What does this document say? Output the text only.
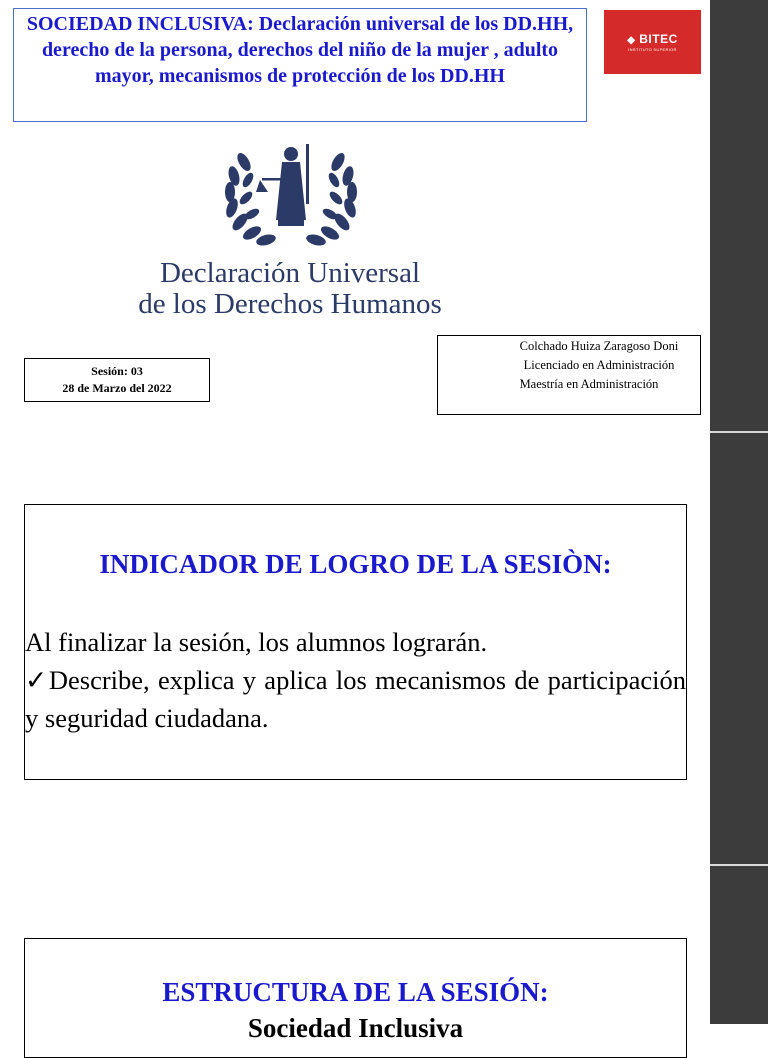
SOCIEDAD INCLUSIVA: Declaración universal de los DD.HH, derecho de la persona, derechos del niño de la mujer , adulto mayor, mecanismos de protección de los DD.HH
◆ BITEC
INSTITUTO SUPERIOR
Declaración Universal
de los Derechos Humanos
Sesión: 03
28 de Marzo del 2022
Colchado Huiza Zaragoso Doni
Licenciado en Administración
Maestría en Administración
INDICADOR DE LOGRO DE LA SESIÒN:
Al finalizar la sesión, los alumnos lograrán.
✓Describe, explica y aplica los mecanismos de participación y seguridad ciudadana.
ESTRUCTURA DE LA SESIÓN:
Sociedad Inclusiva
